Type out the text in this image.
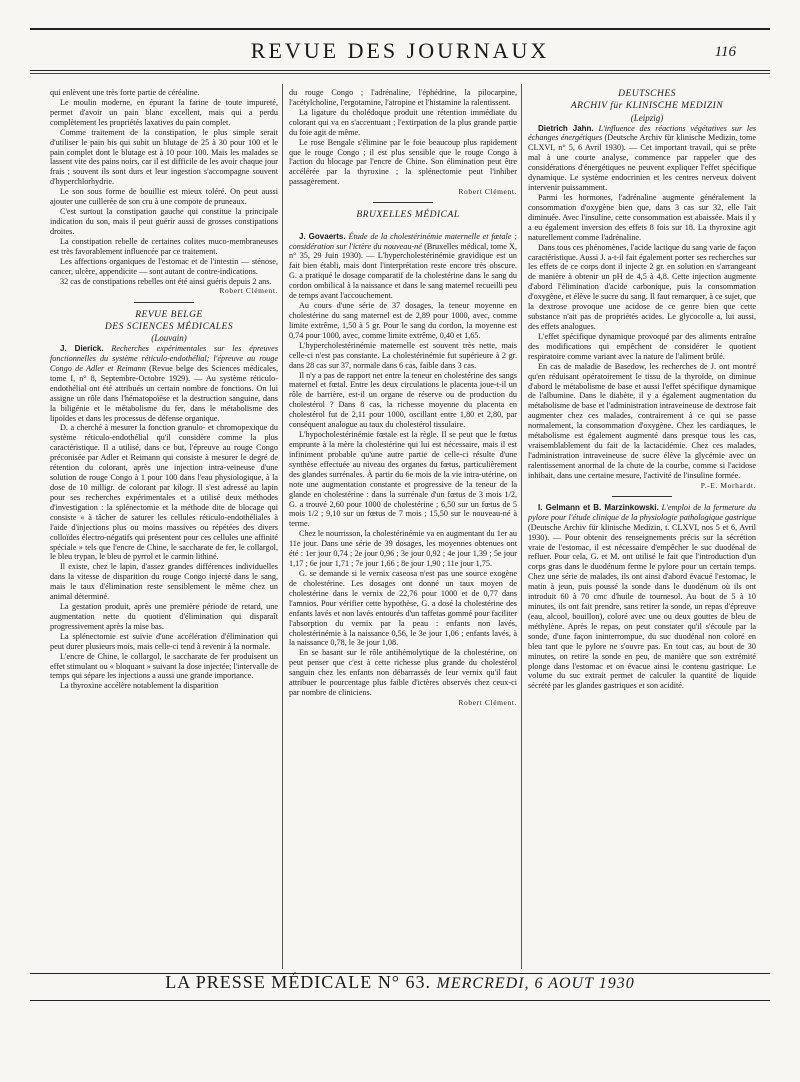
REVUE DES JOURNAUX	116

qui enlèvent une très forte partie de céréaline.

Le moulin moderne, en épurant la farine de toute impureté, permet d'avoir un pain blanc excellent, mais qui a perdu complètement les propriétés laxatives du pain complet.

Comme traitement de la constipation, le plus simple serait d'utiliser le pain bis qui subit un blutage de 25 à 30 pour 100 et le pain complet dont le blutage est à 10 pour 100. Mais les malades se lassent vite des pains noirs, car il est difficile de les avoir chaque jour frais ; souvent ils sont durs et leur ingestion s'accompagne souvent d'hyperchlorhydrie.

Le son sous forme de bouillie est mieux toléré. On peut aussi ajouter une cuillerée de son cru à une compote de pruneaux.

C'est surtout la constipation gauche qui constitue la principale indication du son, mais il peut guérir aussi de grosses constipations droites.

La constipation rebelle de certaines colites muco-membraneuses est très favorablement influencée par ce traitement.

Les affections organiques de l'estomac et de l'intestin — sténose, cancer, ulcère, appendicite — sont autant de contre-indications.

32 cas de constipations rebelles ont été ainsi guéris depuis 2 ans.

Robert Clément.

REVUE BELGE

DES SCIENCES MÉDICALES

(Louvain)

J. Dierick. Recherches expérimentales sur les épreuves fonctionnelles du système réticulo-endothélial; l'épreuve au rouge Congo de Adler et Reimann (Revue belge des Sciences médicales, tome I, n° 8, Septembre-Octobre 1929). — Au système réticulo-endothélial ont été attribués un certain nombre de fonctions. On lui assigne un rôle dans l'hématopoïèse et la destruction sanguine, dans la biligénie et le métabolisme du fer, dans le métabolisme des lipoïdes et dans les processus de défense organique.

D. a cherché à mesurer la fonction granulo- et chromopexique du système réticulo-endothélial qu'il considère comme la plus caractéristique. Il a utilisé, dans ce but, l'épreuve au rouge Congo préconisée par Adler et Reimann qui consiste à mesurer le degré de rétention du colorant, après une injection intra-veineuse d'une solution de rouge Congo à 1 pour 100 dans l'eau physiologique, à la dose de 10 milligr. de colorant par kilogr. Il s'est adressé au lapin pour ses recherches expérimentales et a utilisé deux méthodes d'investigation : la splénectomie et la méthode dite de blocage qui consiste « à tâcher de saturer les cellules réticulo-endothéliales à l'aide d'injections plus ou moins massives ou répétées des divers colloïdes électro-négatifs qui présentent pour ces cellules une affinité spéciale » tels que l'encre de Chine, le saccharate de fer, le collargol, le bleu trypan, le bleu de pyrrol et le carmin lithiné.

Il existe, chez le lapin, d'assez grandes différences individuelles dans la vitesse de disparition du rouge Congo injecté dans le sang, mais le taux d'élimination reste sensiblement le même chez un animal déterminé.

La gestation produit, après une première période de retard, une augmentation nette du quotient d'élimination qui disparaît progressivement après la mise bas.

La splénectomie est suivie d'une accélération d'élimination qui peut durer plusieurs mois, mais celle-ci tend à revenir à la normale.

L'encre de Chine, le collargol, le saccharate de fer produisent un effet stimulant ou « bloquant » suivant la dose injectée; l'intervalle de temps qui sépare les injections a aussi une grande importance.

La thyroxine accélère notablement la disparition

du rouge Congo ; l'adrénaline, l'éphédrine, la pilocarpine, l'acétylcholine, l'ergotamine, l'atropine et l'histamine la ralentissent.

La ligature du cholédoque produit une rétention immédiate du colorant qui va en s'accentuant ; l'extirpation de la plus grande partie du foie agit de même.

Le rose Bengale s'élimine par le foie beaucoup plus rapidement que le rouge Congo ; il est plus sensible que le rouge Congo à l'action du blocage par l'encre de Chine. Son élimination peut être accélérée par la thyroxine ; la splénectomie peut l'inhiber passagèrement.

Robert Clément.

BRUXELLES MÉDICAL

J. Govaerts. Étude de la cholestérinémie maternelle et fœtale ; considération sur l'ictère du nouveau-né (Bruxelles médical, tome X, n° 35, 29 Juin 1930). — L'hypercholestérinémie gravidique est un fait bien établi, mais dont l'interprétation reste encore très obscure. G. a pratiqué le dosage comparatif de la cholestérine dans le sang du cordon ombilical à la naissance et dans le sang maternel recueilli peu de temps avant l'accouchement.

Au cours d'une série de 37 dosages, la teneur moyenne en cholestérine du sang maternel est de 2,89 pour 1000, avec, comme limite extrême, 1,50 à 5 gr. Pour le sang du cordon, la moyenne est 0,74 pour 1000, avec, comme limite extrême, 0,40 et 1,65.

L'hypercholestérinémie maternelle est souvent très nette, mais celle-ci n'est pas constante. La cholestérinémie fut supérieure à 2 gr. dans 28 cas sur 37, normale dans 6 cas, faible dans 3 cas.

Il n'y a pas de rapport net entre la teneur en cholestérine des sangs maternel et fœtal. Entre les deux circulations le placenta joue-t-il un rôle de barrière, est-il un organe de réserve ou de production du cholestérol ? Dans 8 cas, la richesse moyenne du placenta en cholestérol fut de 2,11 pour 1000, oscillant entre 1,80 et 2,80, par conséquent analogue au taux du cholestérol tissulaire.

L'hypocholestérinémie fœtale est la règle. Il se peut que le fœtus emprunte à la mère la cholestérine qui lui est nécessaire, mais il est infiniment probable qu'une autre partie de celle-ci résulte d'une synthèse effectuée au niveau des organes du fœtus, particulièrement des glandes surrénales. À partir du 6e mois de la vie intra-utérine, on note une augmentation constante et progressive de la teneur de la glande en cholestérine : dans la surrénale d'un fœtus de 3 mois 1/2, G. a trouvé 2,60 pour 1000 de cholestérine ; 6,50 sur un fœtus de 5 mois 1/2 ; 9,10 sur un fœtus de 7 mois ; 15,50 sur le nouveau-né à terme.

Chez le nourrisson, la cholestérinémie va en augmentant du 1er au 11e jour. Dans une série de 39 dosages, les moyennes obtenues ont été : 1er jour 0,74 ; 2e jour 0,96 ; 3e jour 0,92 ; 4e jour 1,39 ; 5e jour 1,17 ; 6e jour 1,71 ; 7e jour 1,66 ; 8e jour 1,90 ; 11e jour 1,75.

G. se demande si le vernix caseosa n'est pas une source exogène de cholestérine. Les dosages ont donné un taux moyen de cholestérine dans le vernix de 22,76 pour 1000 et de 0,77 dans l'amnios. Pour vérifier cette hypothèse, G. a dosé la cholestérine des enfants lavés et non lavés entourés d'un taffetas gommé pour faciliter l'absorption du vernix par la peau : enfants non lavés, cholestérinémie à la naissance 0,56, le 3e jour 1,06 ; enfants lavés, à la naissance 0,78, le 3e jour 1,08.

En se basant sur le rôle antihémolytique de la cholestérine, on peut penser que c'est à cette richesse plus grande du cholestérol sanguin chez les enfants non débarrassés de leur vernix qu'il faut attribuer le pourcentage plus faible d'ictères observés chez ceux-ci par nombre de cliniciens.

Robert Clément.

DEUTSCHES

ARCHIV für KLINISCHE MEDIZIN

(Leipzig)

Dietrich Jahn. L'influence des réactions végétatives sur les échanges énergétiques (Deutsche Archiv für klinische Medizin, tome CLXVI, n° 5, 6 Avril 1930). — Cet important travail, qui se prête mal à une courte analyse, commence par rappeler que des considérations d'énergétiques ne peuvent expliquer l'effet spécifique dynamique. Le système endocrinien et les centres nerveux doivent intervenir puissamment.

Parmi les hormones, l'adrénaline augmente généralement la consommation d'oxygène bien que, dans 3 cas sur 32, elle l'ait diminuée. Avec l'insuline, cette consommation est abaissée. Mais il y a eu également inversion des effets 8 fois sur 18. La thyroxine agit naturellement comme l'adrénaline.

Dans tous ces phénomènes, l'acide lactique du sang varie de façon caractéristique. Aussi J. a-t-il fait également porter ses recherches sur les effets de ce corps dont il injecte 2 gr. en solution en s'arrangeant de manière à obtenir un pH de 4,5 à 4,8. Cette injection augmente d'abord l'élimination d'acide carbonique, puis la consommation d'oxygène, et élève le sucre du sang. Il faut remarquer, à ce sujet, que la dextrose provoque une acidose de ce genre bien que cette substance n'ait pas de propriétés acides. Le glycocolle a, lui aussi, des effets analogues.

L'effet spécifique dynamique provoqué par des aliments entraîne des modifications qui empêchent de considérer le quotient respiratoire comme variant avec la nature de l'aliment brûlé.

En cas de maladie de Basedow, les recherches de J. ont montré qu'en réduisant opératoirement le tissu de la thyroïde, on diminue d'abord le métabolisme de base et aussi l'effet spécifique dynamique de l'albumine. Dans le diabète, il y a également augmentation du métabolisme de base et l'administration intraveineuse de dextrose fait augmenter chez ces malades, contrairement à ce qui se passe normalement, la consommation d'oxygène. Chez les cardiaques, le métabolisme est également augmenté dans presque tous les cas, vraisemblablement du fait de la lactacidémie. Chez ces malades, l'administration intraveineuse de sucre élève la glycémie avec un ralentissement anormal de la chute de la courbe, comme si l'acidose inhibait, dans une certaine mesure, l'activité de l'insuline formée.

P.-E. Morhardt.

I. Gelmann et B. Marzinkowski. L'emploi de la fermeture du pylore pour l'étude clinique de la physiologie pathologique gastrique (Deutsche Archiv für klinische Medizin, t. CLXVI, nos 5 et 6, Avril 1930). — Pour obtenir des renseignements précis sur la sécrétion vraie de l'estomac, il est nécessaire d'empêcher le suc duodénal de refluer. Pour cela, G. et M. ont utilisé le fait que l'introduction d'un corps gras dans le duodénum ferme le pylore pour un certain temps. Chez une série de malades, ils ont ainsi d'abord évacué l'estomac, le matin à jeun, puis poussé la sonde dans le duodénum où ils ont introduit 60 à 70 cmc d'huile de tournesol. Au bout de 5 à 10 minutes, ils ont fait prendre, sans retirer la sonde, un repas d'épreuve (eau, alcool, bouillon), coloré avec une ou deux gouttes de bleu de méthylène. Après le repas, on peut constater qu'il s'écoule par la sonde, d'une façon ininterrompue, du suc duodénal non coloré en bleu tant que le pylore ne s'ouvre pas. En tout cas, au bout de 30 minutes, on retire la sonde en peu, de manière que son extrémité plonge dans l'estomac et on évacue ainsi le contenu gastrique. Le volume du suc extrait permet de calculer la quantité de liquide sécrété par les glandes gastriques et son acidité.

LA PRESSE MÉDICALE N° 63. MERCREDI, 6 AOUT 1930
